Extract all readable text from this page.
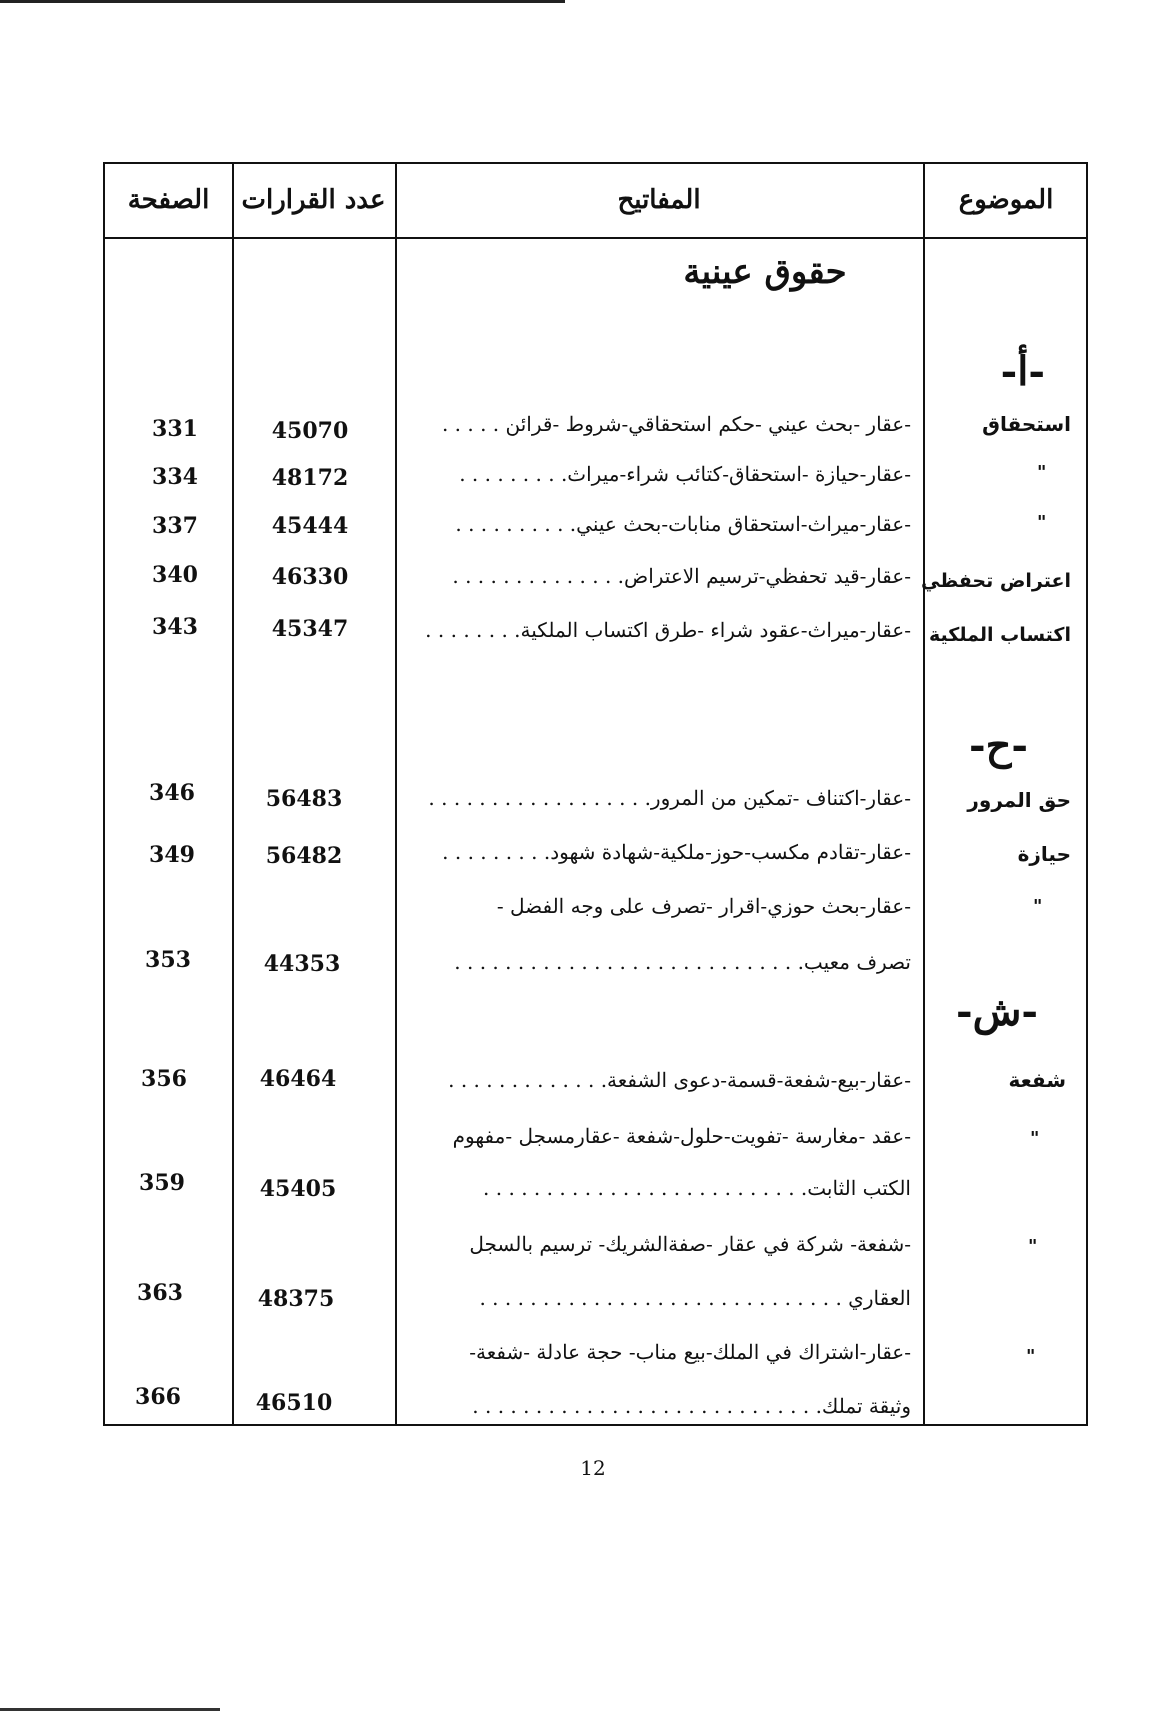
الموضوع
المفاتيح
عدد القرارات
الصفحة
حقوق عينية
-أ-
-ح-
-ش-
استحقاق
-عقار -بحث عيني -حكم استحقاقي-شروط -قرائن . . . . .
45070
331
"
-عقار-حيازة -استحقاق-كتائب شراء-ميراث. . . . . . . . .
48172
334
"
-عقار-ميراث-استحقاق منابات-بحث عيني. . . . . . . . . .
45444
337
اعتراض تحفظي
-عقار-قيد تحفظي-ترسيم الاعتراض. . . . . . . . . . . . . .
46330
340
اكتساب الملكية
-عقار-ميراث-عقود شراء -طرق اكتساب الملكية. . . . . . . .
45347
343
حق المرور
-عقار-اكتناف -تمكين من المرور. . . . . . . . . . . . . . . . . .
56483
346
حيازة
-عقار-تقادم مكسب-حوز-ملكية-شهادة شهود. . . . . . . . .
56482
349
"
-عقار-بحث حوزي-اقرار -تصرف على وجه الفضل -
تصرف معيب. . . . . . . . . . . . . . . . . . . . . . . . . . . .
44353
353
شفعة
-عقار-بيع-شفعة-قسمة-دعوى الشفعة. . . . . . . . . . . . .
46464
356
"
-عقد -مغارسة -تفويت-حلول-شفعة -عقارمسجل -مفهوم
الكتب الثابت. . . . . . . . . . . . . . . . . . . . . . . . . .
45405
359
"
-شفعة- شركة في عقار -صفةالشريك- ترسيم بالسجل
العقاري . . . . . . . . . . . . . . . . . . . . . . . . . . . . .
48375
363
"
-عقار-اشتراك في الملك-بيع مناب- حجة عادلة -شفعة-
وثيقة تملك. . . . . . . . . . . . . . . . . . . . . . . . . . . .
46510
366
12
